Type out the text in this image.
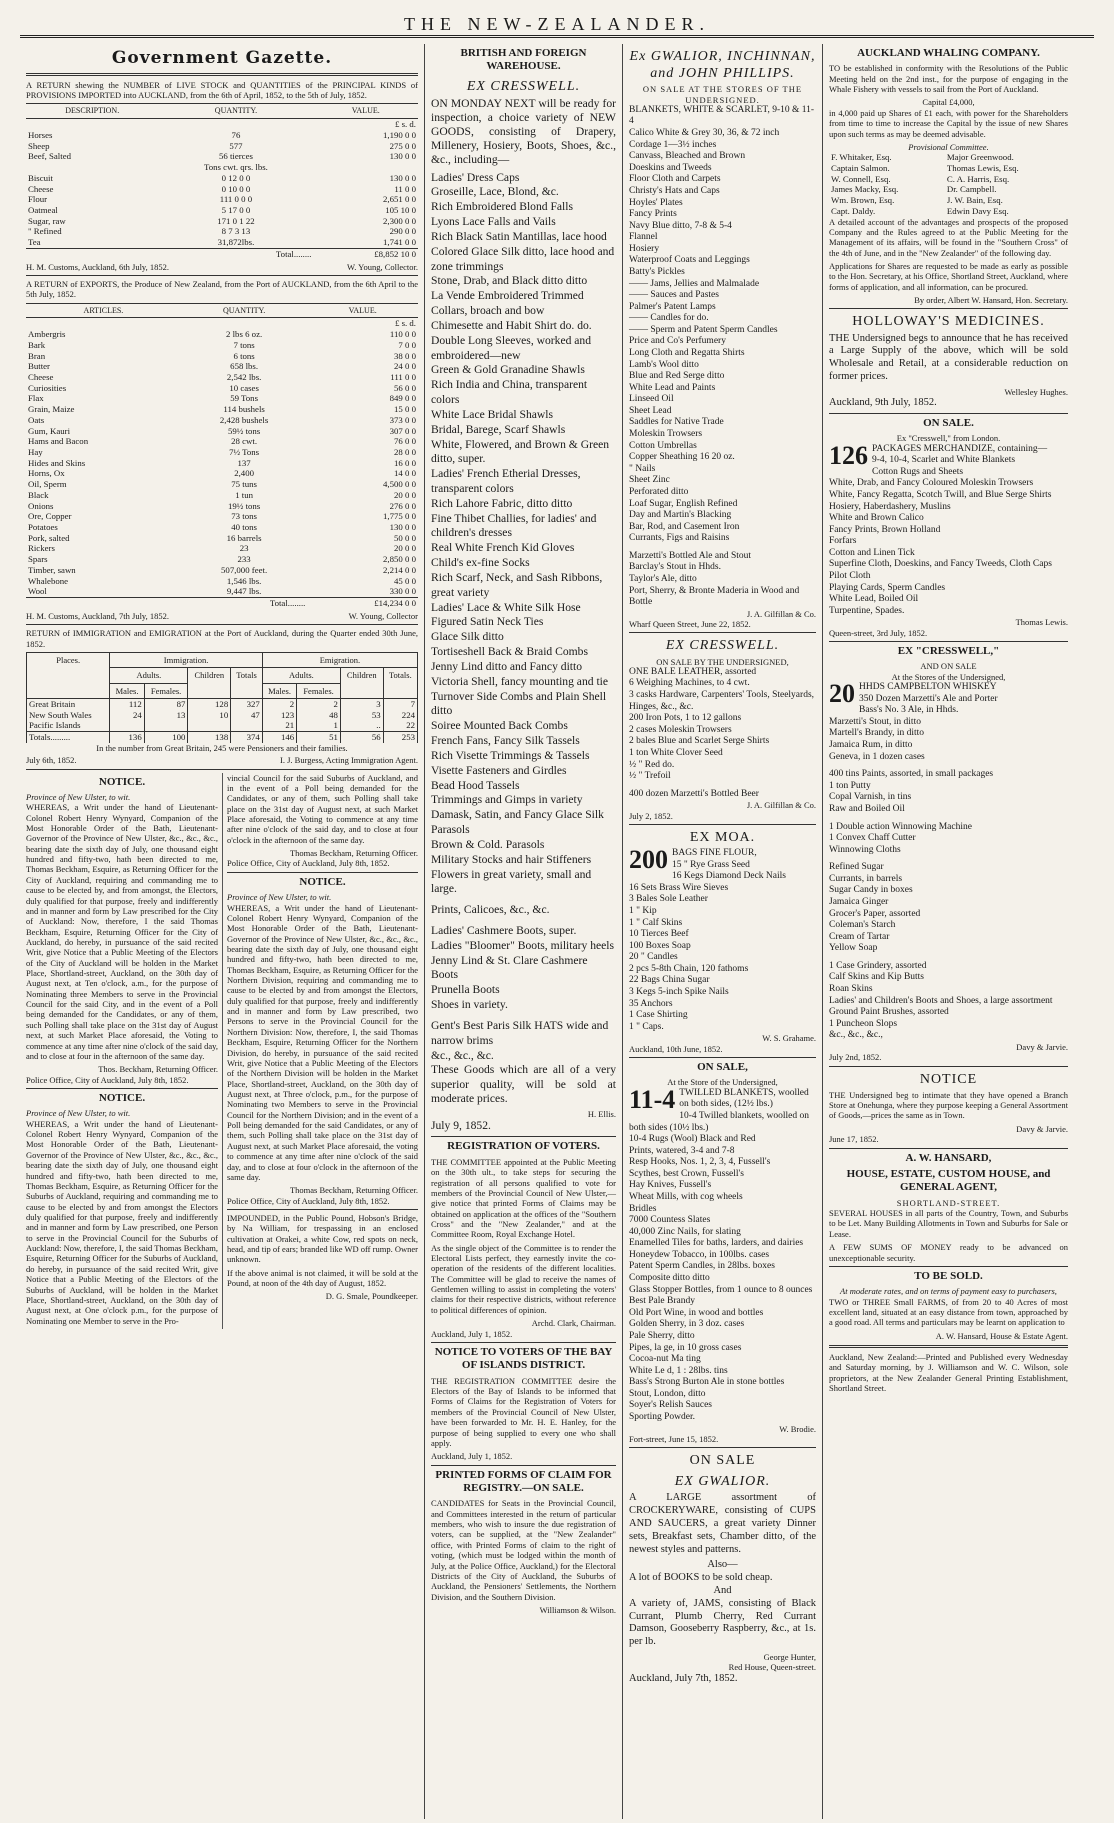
THE NEW-ZEALANDER.
Government Gazette.

A RETURN shewing the NUMBER of LIVE STOCK and QUANTITIES of the PRINCIPAL KINDS of PROVISIONS IMPORTED into AUCKLAND, from the 6th of April, 1852, to the 5th of July, 1852.

DESCRIPTION.	QUANTITY.	VALUE.
		£ s. d.
Horses	76	1,190 0 0
Sheep	577	275 0 0
Beef, Salted	56 tierces	130 0 0
	Tons cwt. qrs. lbs.	
Biscuit	0 12 0 0	130 0 0
Cheese	0 10 0 0	11 0 0
Flour	111 0 0 0	2,651 0 0
Oatmeal	5 17 0 0	105 10 0
Sugar, raw	171 0 1 22	2,300 0 0
" Refined	8 7 3 13	290 0 0
Tea	31,872lbs.	1,741 0 0
	Total........	£8,852 10 0
H. M. Customs, Auckland, 6th July, 1852.	W. Young, Collector.

A RETURN of EXPORTS, the Produce of New Zealand, from the Port of AUCKLAND, from the 6th April to the 5th July, 1852.

ARTICLES.	QUANTITY.	VALUE.
		£ s. d.
Ambergris	2 lbs 6 oz.	110 0 0
Bark	7 tons	7 0 0
Bran	6 tons	38 0 0
Butter	658 lbs.	24 0 0
Cheese	2,542 lbs.	111 0 0
Curiosities	10 cases	56 0 0
Flax	59 Tons	849 0 0
Grain, Maize	114 bushels	15 0 0
Oats	2,428 bushels	373 0 0
Gum, Kauri	59½ tons	307 0 0
Hams and Bacon	28 cwt.	76 0 0
Hay	7½ Tons	28 0 0
Hides and Skins	137	16 0 0
Horns, Ox	2,400	14 0 0
Oil, Sperm	75 tuns	4,500 0 0
Black	1 tun	20 0 0
Onions	19½ tons	276 0 0
Ore, Copper	73 tons	1,775 0 0
Potatoes	40 tons	130 0 0
Pork, salted	16 barrels	50 0 0
Rickers	23	20 0 0
Spars	233	2,850 0 0
Timber, sawn	507,000 feet.	2,214 0 0
Whalebone	1,546 lbs.	45 0 0
Wool	9,447 lbs.	330 0 0
	Total........	£14,234 0 0
H. M. Customs, Auckland, 7th July, 1852.	W. Young, Collector

RETURN of IMMIGRATION and EMIGRATION at the Port of Auckland, during the Quarter ended 30th June, 1852.

Places.	Immigration.				Emigration.			
	Adults.		Children	Totals	Adults.		Children	Totals.
	Males.	Females.			Males.	Females.		
Great Britain	112	87	128	327	2	2	3	7
New South Wales	24	13	10	47	123	48	53	224
Pacific Islands					21	1	..	22
Totals.........	136	100	138	374	146	51	56	253
In the number from Great Britain, 245 were Pensioners and their families.
July 6th, 1852.	I. J. Burgess, Acting Immigration Agent.
NOTICE.
Province of New Ulster, to wit.

WHEREAS, a Writ under the hand of Lieutenant-Colonel Robert Henry Wynyard, Companion of the Most Honorable Order of the Bath, Lieutenant-Governor of the Province of New Ulster, &c., &c., &c., bearing date the sixth day of July, one thousand eight hundred and fifty-two, hath been directed to me, Thomas Beckham, Esquire, as Returning Officer for the City of Auckland, requiring and commanding me to cause to be elected by, and from amongst, the Electors, duly qualified for that purpose, freely and indifferently and in manner and form by Law prescribed for the City of Auckland: Now, therefore, I the said Thomas Beckham, Esquire, Returning Officer for the City of Auckland, do hereby, in pursuance of the said recited Writ, give Notice that a Public Meeting of the Electors of the City of Auckland will be holden in the Market Place, Shortland-street, Auckland, on the 30th day of August next, at Ten o'clock, a.m., for the purpose of Nominating three Members to serve in the Provincial Council for the said City, and in the event of a Poll being demanded for the Candidates, or any of them, such Polling shall take place on the 31st day of August next, at such Market Place aforesaid, the Voting to commence at any time after nine o'clock of the said day, and to close at four in the afternoon of the same day.

Thos. Beckham, Returning Officer.
Police Office, City of Auckland, July 8th, 1852.
NOTICE.
Province of New Ulster, to wit.

WHEREAS, a Writ under the hand of Lieutenant-Colonel Robert Henry Wynyard, Companion of the Most Honorable Order of the Bath, Lieutenant-Governor of the Province of New Ulster, &c., &c., &c., bearing date the sixth day of July, one thousand eight hundred and fifty-two, hath been directed to me, Thomas Beckham, Esquire, as Returning Officer for the Suburbs of Auckland, requiring and commanding me to cause to be elected by and from amongst the Electors duly qualified for that purpose, freely and indifferently and in manner and form by Law prescribed, one Person to serve in the Provincial Council for the Suburbs of Auckland: Now, therefore, I, the said Thomas Beckham, Esquire, Returning Officer for the Suburbs of Auckland, do hereby, in pursuance of the said recited Writ, give Notice that a Public Meeting of the Electors of the Suburbs of Auckland, will be holden in the Market Place, Shortland-street, Auckland, on the 30th day of August next, at One o'clock p.m., for the purpose of Nominating one Member to serve in the Pro-

vincial Council for the said Suburbs of Auckland, and in the event of a Poll being demanded for the Candidates, or any of them, such Polling shall take place on the 31st day of August next, at such Market Place aforesaid, the Voting to commence at any time after nine o'clock of the said day, and to close at four o'clock in the afternoon of the same day.

Thomas Beckham, Returning Officer.
Police Office, City of Auckland, July 8th, 1852.
NOTICE.
Province of New Ulster, to wit.

WHEREAS, a Writ under the hand of Lieutenant-Colonel Robert Henry Wynyard, Companion of the Most Honorable Order of the Bath, Lieutenant-Governor of the Province of New Ulster, &c., &c., &c., bearing date the sixth day of July, one thousand eight hundred and fifty-two, hath been directed to me, Thomas Beckham, Esquire, as Returning Officer for the Northern Division, requiring and commanding me to cause to be elected by and from amongst the Electors, duly qualified for that purpose, freely and indifferently and in manner and form by Law prescribed, two Persons to serve in the Provincial Council for the Northern Division: Now, therefore, I, the said Thomas Beckham, Esquire, Returning Officer for the Northern Division, do hereby, in pursuance of the said recited Writ, give Notice that a Public Meeting of the Electors of the Northern Division will be holden in the Market Place, Shortland-street, Auckland, on the 30th day of August next, at Three o'clock, p.m., for the purpose of Nominating two Members to serve in the Provincial Council for the Northern Division; and in the event of a Poll being demanded for the said Candidates, or any of them, such Polling shall take place on the 31st day of August next, at such Market Place aforesaid, the voting to commence at any time after nine o'clock of the said day, and to close at four o'clock in the afternoon of the same day.

Thomas Beckham, Returning Officer.
Police Office, City of Auckland, July 8th, 1852.

IMPOUNDED, in the Public Pound, Hobson's Bridge, by Na William, for trespassing in an enclosed cultivation at Orakei, a white Cow, red spots on neck, head, and tip of ears; branded like WD off rump. Owner unknown.

If the above animal is not claimed, it will be sold at the Pound, at noon of the 4th day of August, 1852.

D. G. Smale, Poundkeeper.
BRITISH AND FOREIGN WAREHOUSE.
EX CRESSWELL.

ON MONDAY NEXT will be ready for inspection, a choice variety of NEW GOODS, consisting of Drapery, Millenery, Hosiery, Boots, Shoes, &c., &c., including—

Ladies' Dress Caps
Groseille, Lace, Blond, &c.
Rich Embroidered Blond Falls
Lyons Lace Falls and Vails
Rich Black Satin Mantillas, lace hood
Colored Glace Silk ditto, lace hood and zone trimmings
Stone, Drab, and Black ditto ditto
La Vende Embroidered Trimmed Collars, broach and bow
Chimesette and Habit Shirt do. do.
Double Long Sleeves, worked and embroidered—new
Green & Gold Granadine Shawls
Rich India and China, transparent colors
White Lace Bridal Shawls
Bridal, Barege, Scarf Shawls
White, Flowered, and Brown & Green ditto, super.
Ladies' French Etherial Dresses, transparent colors
Rich Lahore Fabric, ditto ditto
Fine Thibet Challies, for ladies' and children's dresses
Real White French Kid Gloves
Child's ex-fine Socks
Rich Scarf, Neck, and Sash Ribbons, great variety
Ladies' Lace & White Silk Hose
Figured Satin Neck Ties
Glace Silk ditto
Tortiseshell Back & Braid Combs
Jenny Lind ditto and Fancy ditto
Victoria Shell, fancy mounting and tie
Turnover Side Combs and Plain Shell ditto
Soiree Mounted Back Combs
French Fans, Fancy Silk Tassels
Rich Visette Trimmings & Tassels
Visette Fasteners and Girdles
Bead Hood Tassels
Trimmings and Gimps in variety
Damask, Satin, and Fancy Glace Silk Parasols
Brown & Cold. Parasols
Military Stocks and hair Stiffeners
Flowers in great variety, small and large.
Prints, Calicoes, &c., &c.
Ladies' Cashmere Boots, super.
Ladies "Bloomer" Boots, military heels
Jenny Lind & St. Clare Cashmere Boots
Prunella Boots
Shoes in variety.
Gent's Best Paris Silk HATS wide and narrow brims
&c., &c., &c.

These Goods which are all of a very superior quality, will be sold at moderate prices.

H. Ellis.
July 9, 1852.
REGISTRATION OF VOTERS.

THE COMMITTEE appointed at the Public Meeting on the 30th ult., to take steps for securing the registration of all persons qualified to vote for members of the Provincial Council of New Ulster,—give notice that printed Forms of Claims may be obtained on application at the offices of the "Southern Cross" and the "New Zealander," and at the Committee Room, Royal Exchange Hotel.

As the single object of the Committee is to render the Electoral Lists perfect, they earnestly invite the co-operation of the residents of the different localities. The Committee will be glad to receive the names of Gentlemen willing to assist in completing the voters' claims for their respective districts, without reference to political differences of opinion.

Archd. Clark, Chairman.
Auckland, July 1, 1852.
NOTICE TO VOTERS OF THE BAY OF ISLANDS DISTRICT.

THE REGISTRATION COMMITTEE desire the Electors of the Bay of Islands to be informed that Forms of Claims for the Registration of Voters for members of the Provincial Council of New Ulster, have been forwarded to Mr. H. E. Hanley, for the purpose of being supplied to every one who shall apply.

Auckland, July 1, 1852.
PRINTED FORMS OF CLAIM FOR REGISTRY.—ON SALE.

CANDIDATES for Seats in the Provincial Council, and Committees interested in the return of particular members, who wish to insure the due registration of voters, can be supplied, at the "New Zealander" office, with Printed Forms of claim to the right of voting, (which must be lodged within the month of July, at the Police Office, Auckland,) for the Electoral Districts of the City of Auckland, the Suburbs of Auckland, the Pensioners' Settlements, the Northern Division, and the Southern Division.

Williamson & Wilson.
Ex GWALIOR, INCHINNAN, and JOHN PHILLIPS.
ON SALE AT THE STORES OF THE UNDERSIGNED.
BLANKETS, WHITE & SCARLET, 9-10 & 11-4
Calico White & Grey 30, 36, & 72 inch
Cordage 1—3½ inches
Canvass, Bleached and Brown
Doeskins and Tweeds
Floor Cloth and Carpets
Christy's Hats and Caps
Hoyles' Plates
Fancy Prints
Navy Blue ditto, 7-8 & 5-4
Flannel
Hosiery
Waterproof Coats and Leggings
Batty's Pickles
—— Jams, Jellies and Malmalade
—— Sauces and Pastes
Palmer's Patent Lamps
—— Candles for do.
—— Sperm and Patent Sperm Candles
Price and Co's Perfumery
Long Cloth and Regatta Shirts
Lamb's Wool ditto
Blue and Red Serge ditto
White Lead and Paints
Linseed Oil
Sheet Lead
Saddles for Native Trade
Moleskin Trowsers
Cotton Umbrellas
Copper Sheathing 16 20 oz.
" Nails
Sheet Zinc
Perforated ditto
Loaf Sugar, English Refined
Day and Martin's Blacking
Bar, Rod, and Casement Iron
Currants, Figs and Raisins
Marzetti's Bottled Ale and Stout
Barclay's Stout in Hhds.
Taylor's Ale, ditto
Port, Sherry, & Bronte Maderia in Wood and Bottle
J. A. Gilfillan & Co.
Wharf Queen Street, June 22, 1852.
EX CRESSWELL.
ON SALE BY THE UNDERSIGNED,
ONE BALE LEATHER, assorted
6 Weighing Machines, to 4 cwt.
3 casks Hardware, Carpenters' Tools, Steelyards, Hinges, &c., &c.
200 Iron Pots, 1 to 12 gallons
2 cases Moleskin Trowsers
2 bales Blue and Scarlet Serge Shirts
1 ton White Clover Seed
½ " Red do.
½ " Trefoil
400 dozen Marzetti's Bottled Beer
J. A. Gilfillan & Co.
July 2, 1852.
EX MOA.
200 BAGS FINE FLOUR,
15 " Rye Grass Seed
16 Kegs Diamond Deck Nails
16 Sets Brass Wire Sieves
3 Bales Sole Leather
1 " Kip
1 " Calf Skins
10 Tierces Beef
100 Boxes Soap
20 " Candles
2 pcs 5-8th Chain, 120 fathoms
22 Bags China Sugar
3 Kegs 5-inch Spike Nails
35 Anchors
1 Case Shirting
1 " Caps.
W. S. Grahame.
Auckland, 10th June, 1852.
ON SALE,
At the Store of the Undersigned,
11-4 TWILLED BLANKETS, woolled on both sides, (12½ lbs.)
10-4 Twilled blankets, woolled on both sides (10½ lbs.)
10-4 Rugs (Wool) Black and Red
Prints, watered, 3-4 and 7-8
Resp Hooks, Nos. 1, 2, 3, 4, Fussell's
Scythes, best Crown, Fussell's
Hay Knives, Fussell's
Wheat Mills, with cog wheels
Bridles
7000 Countess Slates
40,000 Zinc Nails, for slating
Enamelled Tiles for baths, larders, and dairies
Honeydew Tobacco, in 100lbs. cases
Patent Sperm Candles, in 28lbs. boxes
Composite ditto ditto
Glass Stopper Bottles, from 1 ounce to 8 ounces
Best Pale Brandy
Old Port Wine, in wood and bottles
Golden Sherry, in 3 doz. cases
Pale Sherry, ditto
Pipes, la ge, in 10 gross cases
Cocoa-nut Ma ting
White Le d, 1 : 28lbs. tins
Bass's Strong Burton Ale in stone bottles
Stout, London, ditto
Soyer's Relish Sauces
Sporting Powder.
W. Brodie.
Fort-street, June 15, 1852.
ON SALE
EX GWALIOR.

A LARGE assortment of CROCKERYWARE, consisting of CUPS AND SAUCERS, a great variety Dinner sets, Breakfast sets, Chamber ditto, of the newest styles and patterns.

Also—
A lot of BOOKS to be sold cheap.
And

A variety of, JAMS, consisting of Black Currant, Plumb Cherry, Red Currant Damson, Gooseberry Raspberry, &c., at 1s. per lb.

George Hunter,
Red House, Queen-street.
Auckland, July 7th, 1852.
AUCKLAND WHALING COMPANY.

TO be established in conformity with the Resolutions of the Public Meeting held on the 2nd inst., for the purpose of engaging in the Whale Fishery with vessels to sail from the Port of Auckland.

Capital £4,000,

in 4,000 paid up Shares of £1 each, with power for the Shareholders from time to time to increase the Capital by the issue of new Shares upon such terms as may be deemed advisable.

Provisional Committee.
F. Whitaker, Esq.	Major Greenwood.
Captain Salmon.	Thomas Lewis, Esq.
W. Connell, Esq.	C. A. Harris, Esq.
James Macky, Esq.	Dr. Campbell.
Wm. Brown, Esq.	J. W. Bain, Esq.
Capt. Daldy.	Edwin Davy Esq.

A detailed account of the advantages and prospects of the proposed Company and the Rules agreed to at the Public Meeting for the Management of its affairs, will be found in the "Southern Cross" of the 4th of June, and in the "New Zealander" of the following day.

Applications for Shares are requested to be made as early as possible to the Hon. Secretary, at his Office, Shortland Street, Auckland, where forms of application, and all information, can be procured.

By order, Albert W. Hansard, Hon. Secretary.
HOLLOWAY'S MEDICINES.

THE Undersigned begs to announce that he has received a Large Supply of the above, which will be sold Wholesale and Retail, at a considerable reduction on former prices.

Wellesley Hughes.
Auckland, 9th July, 1852.
ON SALE.
Ex "Cresswell," from London.
126 PACKAGES MERCHANDIZE, containing—
9-4, 10-4, Scarlet and White Blankets
Cotton Rugs and Sheets
White, Drab, and Fancy Coloured Moleskin Trowsers
White, Fancy Regatta, Scotch Twill, and Blue Serge Shirts
Hosiery, Haberdashery, Muslins
White and Brown Calico
Fancy Prints, Brown Holland
Forfars
Cotton and Linen Tick
Superfine Cloth, Doeskins, and Fancy Tweeds, Cloth Caps
Pilot Cloth
Playing Cards, Sperm Candles
White Lead, Boiled Oil
Turpentine, Spades.
Thomas Lewis.
Queen-street, 3rd July, 1852.
EX "CRESSWELL,"
AND ON SALE
At the Stores of the Undersigned,
20 HHDS CAMPBELTON WHISKEY
350 Dozen Marzetti's Ale and Porter
Bass's No. 3 Ale, in Hhds.
Marzetti's Stout, in ditto
Martell's Brandy, in ditto
Jamaica Rum, in ditto
Geneva, in 1 dozen cases
400 tins Paints, assorted, in small packages
1 ton Putty
Copal Varnish, in tins
Raw and Boiled Oil
1 Double action Winnowing Machine
1 Convex Chaff Cutter
Winnowing Cloths
Refined Sugar
Currants, in barrels
Sugar Candy in boxes
Jamaica Ginger
Grocer's Paper, assorted
Coleman's Starch
Cream of Tartar
Yellow Soap
1 Case Grindery, assorted
Calf Skins and Kip Butts
Roan Skins
Ladies' and Children's Boots and Shoes, a large assortment
Ground Paint Brushes, assorted
1 Puncheon Slops
&c., &c., &c.,
Davy & Jarvie.
July 2nd, 1852.
NOTICE

THE Undersigned beg to intimate that they have opened a Branch Store at Onehunga, where they purpose keeping a General Assortment of Goods,—prices the same as in Town.

Davy & Jarvie.
June 17, 1852.
A. W. HANSARD,
HOUSE, ESTATE, CUSTOM HOUSE, and GENERAL AGENT,
SHORTLAND-STREET.

SEVERAL HOUSES in all parts of the Country, Town, and Suburbs to be Let. Many Building Allotments in Town and Suburbs for Sale or Lease.

A FEW SUMS OF MONEY ready to be advanced on unexceptionable security.

TO BE SOLD.
At moderate rates, and on terms of payment easy to purchasers,

TWO or THREE Small FARMS, of from 20 to 40 Acres of most excellent land, situated at an easy distance from town, approached by a good road. All terms and particulars may be learnt on application to

A. W. Hansard, House & Estate Agent.

Auckland, New Zealand:—Printed and Published every Wednesday and Saturday morning, by J. Williamson and W. C. Wilson, sole proprietors, at the New Zealander General Printing Establishment, Shortland Street.
